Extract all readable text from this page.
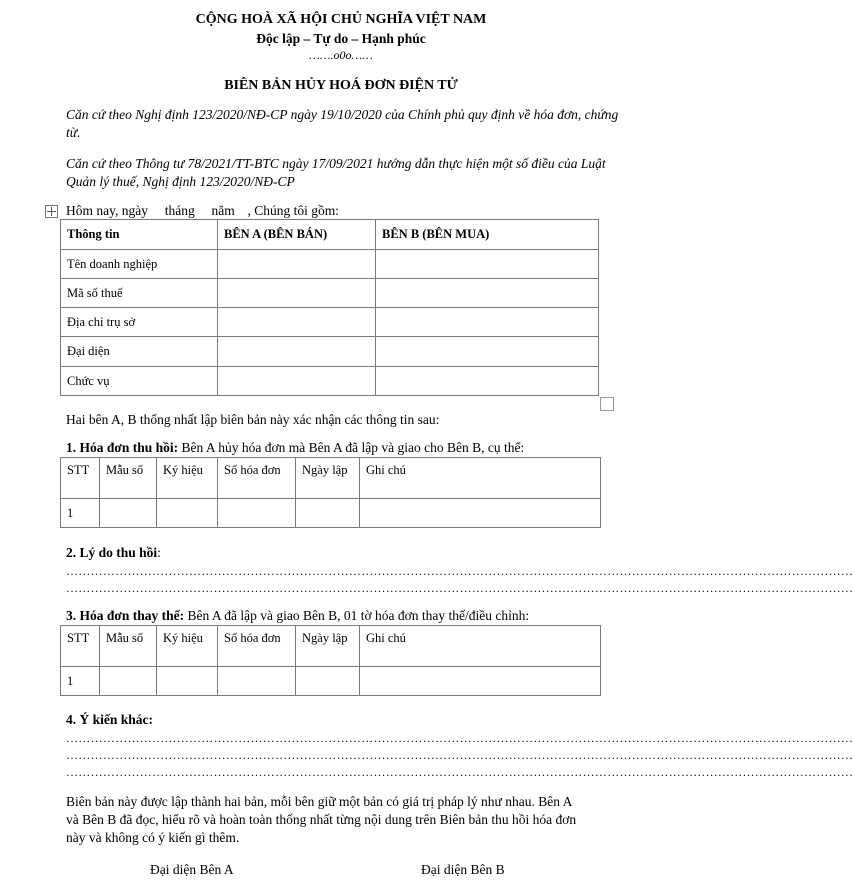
CỘNG HOÀ XÃ HỘI CHỦ NGHĨA VIỆT NAM
Độc lập – Tự do – Hạnh phúc
…….o0o……
BIÊN BẢN HỦY HOÁ ĐƠN ĐIỆN TỬ
Căn cứ theo Nghị định 123/2020/NĐ-CP ngày 19/10/2020 của Chính phủ quy định về hóa đơn, chứng từ.
Căn cứ theo Thông tư 78/2021/TT-BTC ngày 17/09/2021 hướng dẫn thực hiện một số điều của Luật Quản lý thuế, Nghị định 123/2020/NĐ-CP
Hôm nay, ngày tháng năm , Chúng tôi gồm:
Thông tin	BÊN A (BÊN BÁN)	BÊN B (BÊN MUA)
Tên doanh nghiệp		
Mã số thuế		
Địa chỉ trụ sở		
Đại diện		
Chức vụ		
Hai bên A, B thống nhất lập biên bản này xác nhận các thông tin sau:
1. Hóa đơn thu hồi: Bên A hủy hóa đơn mà Bên A đã lập và giao cho Bên B, cụ thể:
STT	Mẫu số	Ký hiệu	Số hóa đơn	Ngày lập	Ghi chú
1					
2. Lý do thu hồi:
…………………………………………………………………………………………………………………………………………………………………………
…………………………………………………………………………………………………………………………………………………………………………
3. Hóa đơn thay thế: Bên A đã lập và giao Bên B, 01 tờ hóa đơn thay thế/điều chỉnh:
STT	Mẫu số	Ký hiệu	Số hóa đơn	Ngày lập	Ghi chú
1					
4. Ý kiến khác:
…………………………………………………………………………………………………………………………………………………………………………
…………………………………………………………………………………………………………………………………………………………………………
…………………………………………………………………………………………………………………………………………………………………………
Biên bản này được lập thành hai bản, mỗi bên giữ một bản có giá trị pháp lý như nhau. Bên A
và Bên B đã đọc, hiểu rõ và hoàn toàn thống nhất từng nội dung trên Biên bản thu hồi hóa đơn
này và không có ý kiến gì thêm.
Đại diện Bên A	Đại diện Bên B
